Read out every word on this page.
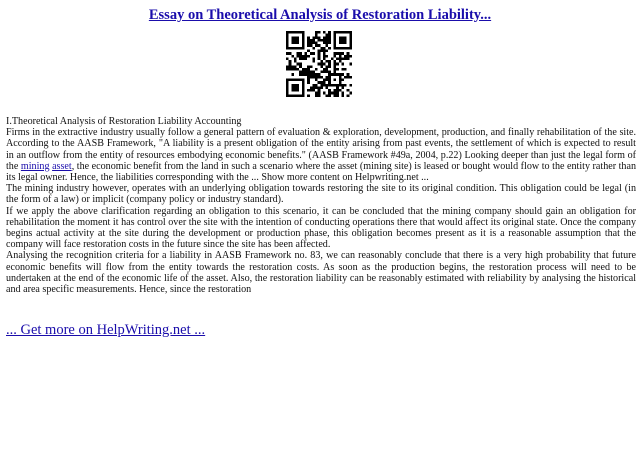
Essay on Theoretical Analysis of Restoration Liability...

I.Theoretical Analysis of Restoration Liability Accounting

Firms in the extractive industry usually follow a general pattern of evaluation & exploration, development, production, and finally rehabilitation of the site. According to the AASB Framework, "A liability is a present obligation of the entity arising from past events, the settlement of which is expected to result in an outflow from the entity of resources embodying economic benefits." (AASB Framework #49a, 2004, p.22) Looking deeper than just the legal form of the mining asset, the economic benefit from the land in such a scenario where the asset (mining site) is leased or bought would flow to the entity rather than its legal owner. Hence, the liabilities corresponding with the ... Show more content on Helpwriting.net ...

The mining industry however, operates with an underlying obligation towards restoring the site to its original condition. This obligation could be legal (in the form of a law) or implicit (company policy or industry standard).

If we apply the above clarification regarding an obligation to this scenario, it can be concluded that the mining company should gain an obligation for rehabilitation the moment it has control over the site with the intention of conducting operations there that would affect its original state. Once the company begins actual activity at the site during the development or production phase, this obligation becomes present as it is a reasonable assumption that the company will face restoration costs in the future since the site has been affected.

Analysing the recognition criteria for a liability in AASB Framework no. 83, we can reasonably conclude that there is a very high probability that future economic benefits will flow from the entity towards the restoration costs. As soon as the production begins, the restoration process will need to be undertaken at the end of the economic life of the asset. Also, the restoration liability can be reasonably estimated with reliability by analysing the historical and area specific measurements. Hence, since the restoration

... Get more on HelpWriting.net ...
